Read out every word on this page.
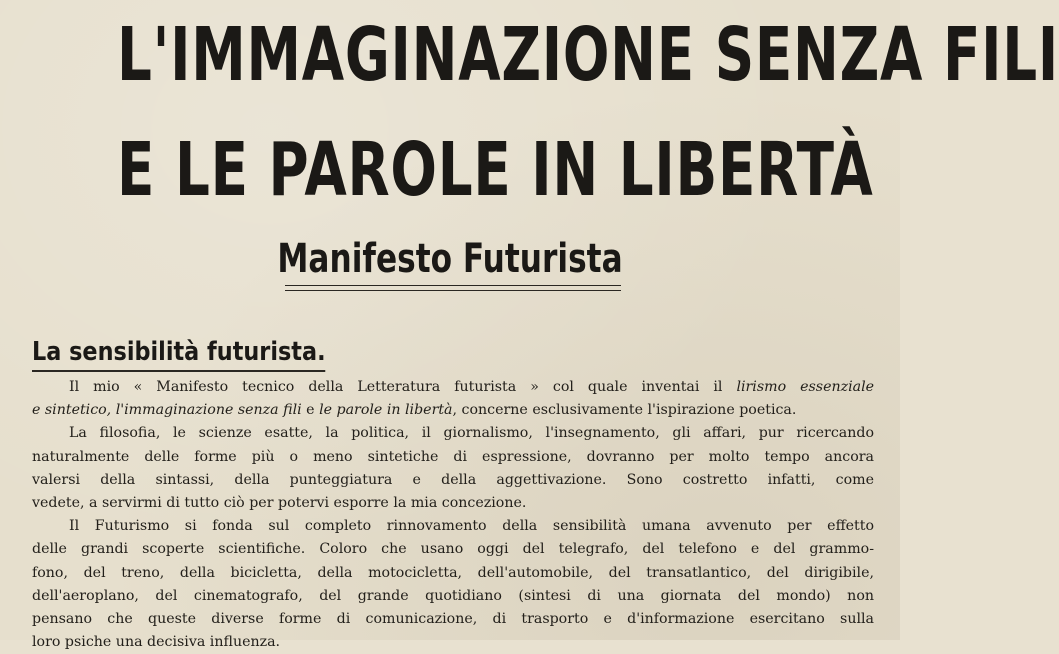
L'IMMAGINAZIONE SENZA FILI
E LE PAROLE IN LIBERTÀ
Manifesto Futurista
La sensibilità futurista.
Il mio « Manifesto tecnico della Letteratura futurista » col quale inventai il lirismo essenziale
e sintetico, l'immaginazione senza fili e le parole in libertà, concerne esclusivamente l'ispirazione poetica.
La filosofia, le scienze esatte, la politica, il giornalismo, l'insegnamento, gli affari, pur ricercando
naturalmente delle forme più o meno sintetiche di espressione, dovranno per molto tempo ancora
valersi della sintassi, della punteggiatura e della aggettivazione. Sono costretto infatti, come
vedete, a servirmi di tutto ciò per potervi esporre la mia concezione.
Il Futurismo si fonda sul completo rinnovamento della sensibilità umana avvenuto per effetto
delle grandi scoperte scientifiche. Coloro che usano oggi del telegrafo, del telefono e del grammo-
fono, del treno, della bicicletta, della motocicletta, dell'automobile, del transatlantico, del dirigibile,
dell'aeroplano, del cinematografo, del grande quotidiano (sintesi di una giornata del mondo) non
pensano che queste diverse forme di comunicazione, di trasporto e d'informazione esercitano sulla
loro psiche una decisiva influenza.
